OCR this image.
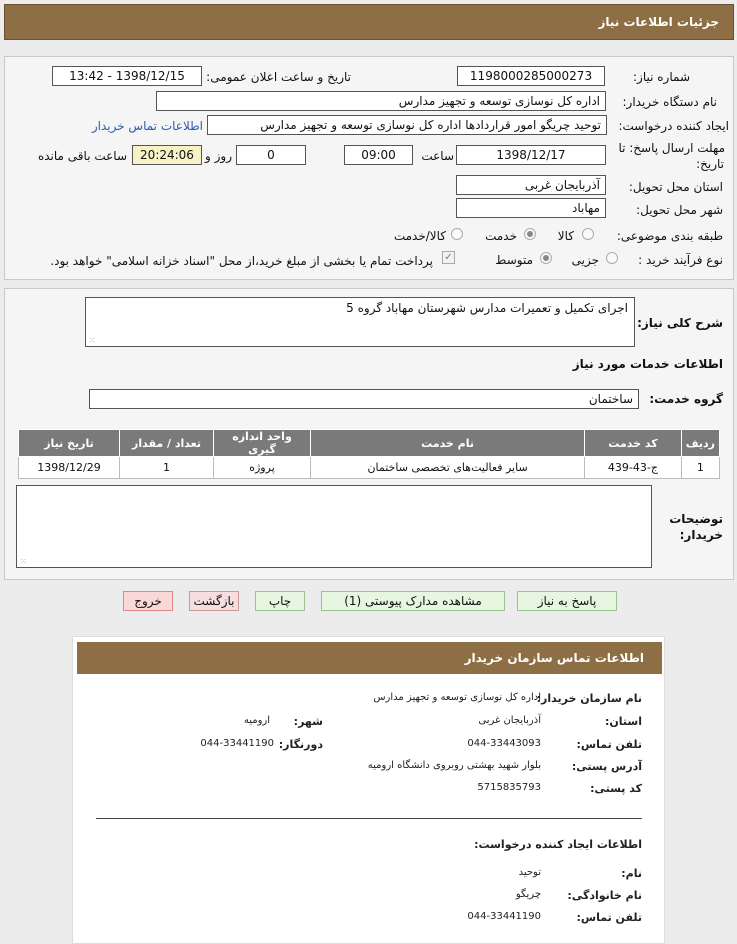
جزئیات اطلاعات نیاز
شماره نیاز:
1198000285000273
تاریخ و ساعت اعلان عمومی:
1398/12/15 - 13:42
نام دستگاه خریدار:
اداره کل نوسازی توسعه و تجهیز مدارس
ایجاد کننده درخواست:
توحید چریگو امور قراردادها اداره کل نوسازی توسعه و تجهیز مدارس
اطلاعات تماس خریدار
مهلت ارسال پاسخ: تا
تاریخ:
1398/12/17
ساعت
09:00
0
روز و
20:24:06
ساعت باقی مانده
استان محل تحویل:
آذربایجان غربی
شهر محل تحویل:
مهاباد
طبقه بندی موضوعی:
کالا
خدمت
کالا/خدمت
نوع فرآیند خرید :
جزیی
متوسط
✓
پرداخت تمام یا بخشی از مبلغ خرید،از محل "اسناد خزانه اسلامی" خواهد بود.
شرح کلی نیاز:
اجرای تکمیل و تعمیرات مدارس شهرستان مهاباد گروه 5
⁙
اطلاعات خدمات مورد نیاز
گروه خدمت:
ساختمان
ردیف	کد خدمت	نام خدمت	واحد اندازه گیری	تعداد / مقدار	تاریخ نیاز
1	ج-43-439	سایر فعالیت‌های تخصصی ساختمان	پروژه	1	1398/12/29
⁙
توضیحات
خریدار:
پاسخ به نیاز
مشاهده مدارک پیوستی (1)
چاپ
بازگشت
خروج
اطلاعات تماس سازمان خریدار
نام سازمان خریدار:
اداره کل نوسازی توسعه و تجهیز مدارس
استان:
آذربایجان غربی
شهر:
ارومیه
تلفن تماس:
044-33443093
دورنگار:
044-33441190
آدرس پستی:
بلوار شهید بهشتی روبروی دانشگاه ارومیه
کد پستی:
5715835793
اطلاعات ایجاد کننده درخواست:
نام:
توحید
نام خانوادگی:
چریگو
تلفن تماس:
044-33441190
